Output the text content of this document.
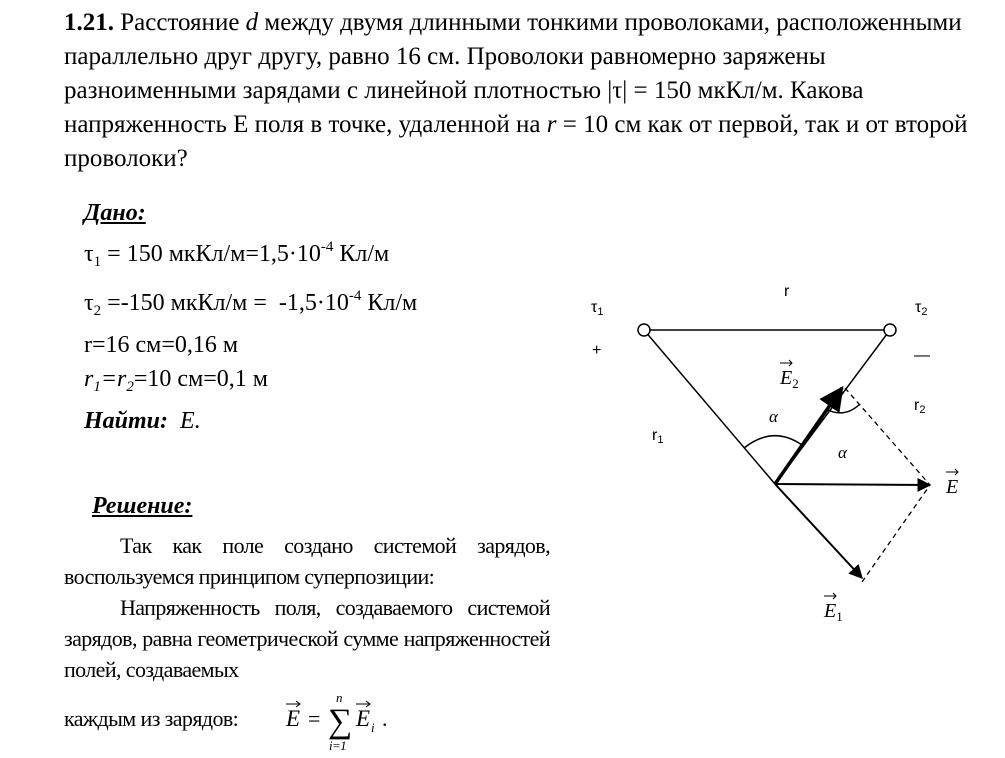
1.21. Расстояние d между двумя длинными тонкими проволоками, расположенными параллельно друг другу, равно 16 см. Проволоки равномерно заряжены разноименными зарядами с линейной плотностью |τ| = 150 мкКл/м. Какова напряженность E поля в точке, удаленной на r = 10 см как от первой, так и от второй проволоки?
Дано:
$\tau_1 = 150$ мкКл/$м=1,5\cdot 10^{-4}$ Кл/м
$\tau_2 =-150$ мкКл/м =  $-1,5\cdot 10^{-4}$ Кл/м
r=16 см=0,16 м
$r_1=r_2=10$ см=0,1 м
Найти: E.
Решение:

Так как поле создано системой зарядов, воспользуемся принципом суперпозиции:

Напряженность поля, создаваемого системой зарядов, равна геометрической сумме напряженностей полей, создаваемых

каждым из зарядов: E = ∑
n
i=1
E i .
τ1	τ2
+	—
r
r1
r2
α
α
E
$E_2$
$E_1$
